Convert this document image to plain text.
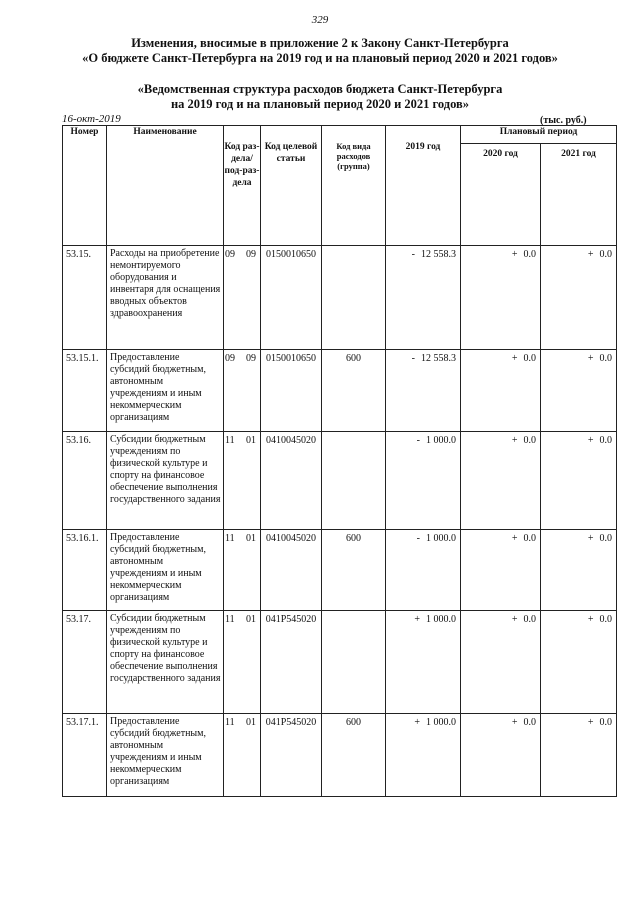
329
Изменения, вносимые в приложение 2 к Закону Санкт-Петербурга
«О бюджете Санкт-Петербурга на 2019 год и на плановый период 2020 и 2021 годов»
«Ведомственная структура расходов бюджета Санкт-Петербурга
на 2019 год и на плановый период 2020 и 2021 годов»
16-окт-2019	(тыс. руб.)
Номер	Наименование	Код раз-дела/ под-раз-дела	Код целевой статьи	Код вида расходов (группа)	2019 год	Плановый период	
						2020 год	2021 год
53.15.	Расходы на приобретение немонтируемого оборудования и инвентаря для оснащения вводных объектов здравоохранения	09 09	0150010650		- 12 558.3	+ 0.0	+ 0.0
53.15.1.	Предоставление субсидий бюджетным, автономным учреждениям и иным некоммерческим организациям	09 09	0150010650	600	- 12 558.3	+ 0.0	+ 0.0
53.16.	Субсидии бюджетным учреждениям по физической культуре и спорту на финансовое обеспечение выполнения государственного задания	11 01	0410045020		- 1 000.0	+ 0.0	+ 0.0
53.16.1.	Предоставление субсидий бюджетным, автономным учреждениям и иным некоммерческим организациям	11 01	0410045020	600	- 1 000.0	+ 0.0	+ 0.0
53.17.	Субсидии бюджетным учреждениям по физической культуре и спорту на финансовое обеспечение выполнения государственного задания	11 01	041P545020		+ 1 000.0	+ 0.0	+ 0.0
53.17.1.	Предоставление субсидий бюджетным, автономным учреждениям и иным некоммерческим организациям	11 01	041P545020	600	+ 1 000.0	+ 0.0	+ 0.0
